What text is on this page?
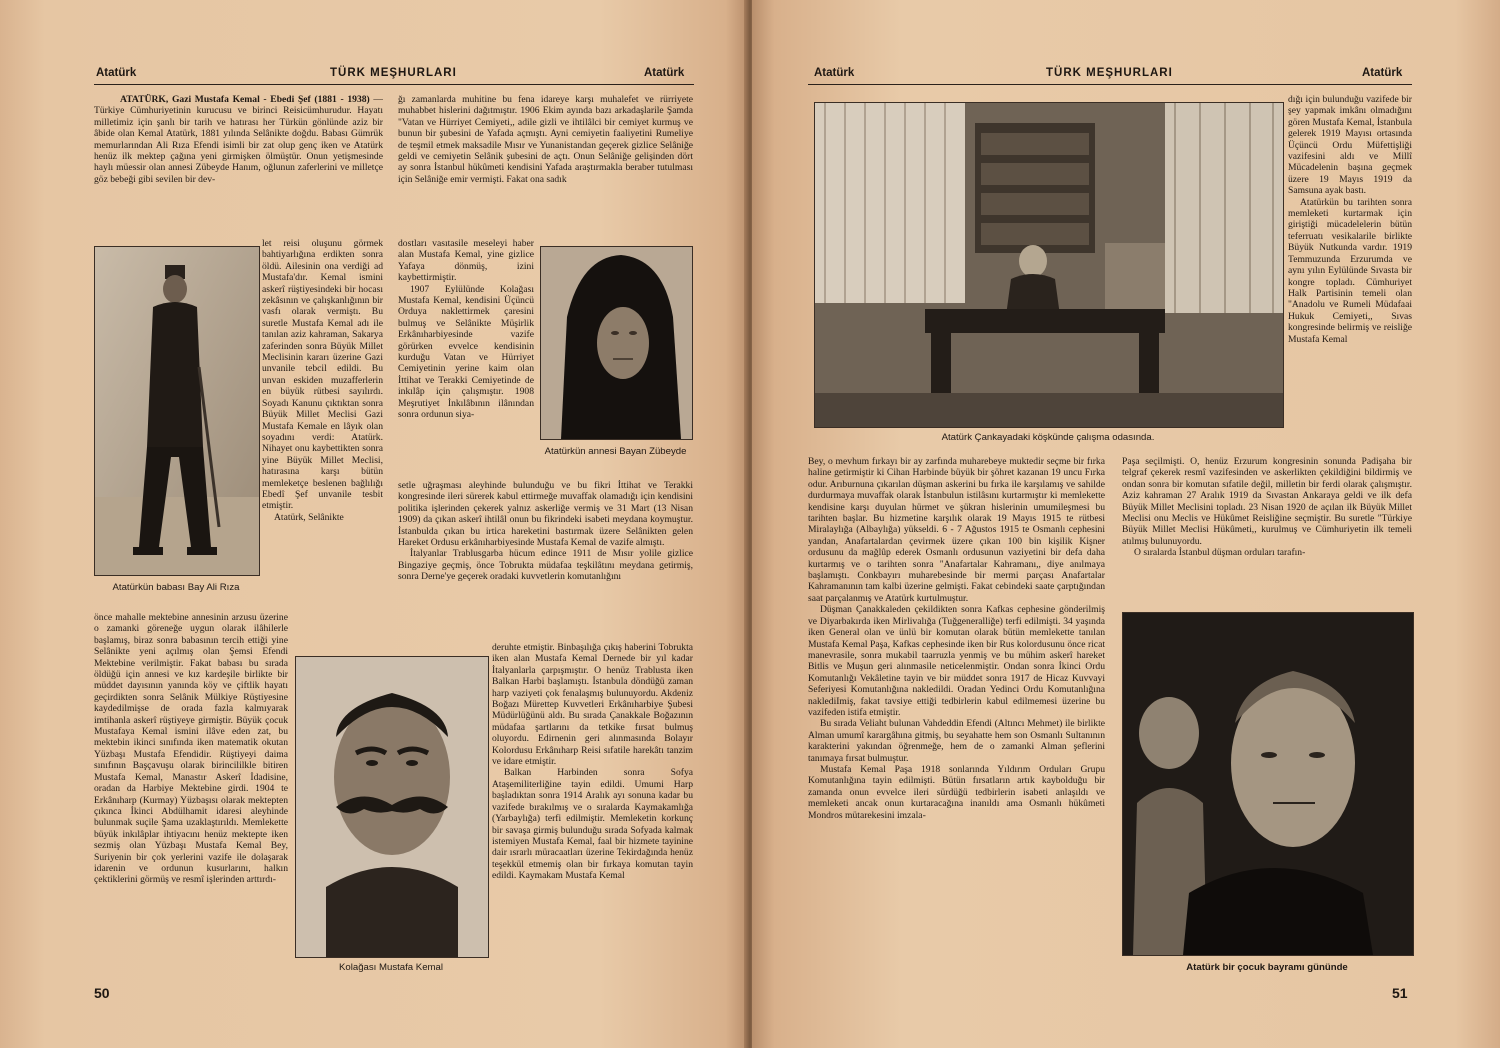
Atatürk	TÜRK MEŞHURLARI	Atatürk

ATATÜRK, Gazi Mustafa Kemal - Ebedi Şef (1881 - 1938) — Türkiye Cümhuriyetinin kurucusu ve birinci Reisicümhurudur. Hayatı milletimiz için şanlı bir tarih ve hatırası her Türkün gönlünde aziz bir âbide olan Kemal Atatürk, 1881 yılında Selânikte doğdu. Babası Gümrük memurlarından Ali Rıza Efendi isimli bir zat olup genç iken ve Atatürk henüz ilk mektep çağına yeni girmişken ölmüştür. Onun yetişmesinde haylı müessir olan annesi Zübeyde Hanım, oğlunun zaferlerini ve milletçe göz bebeği gibi sevilen bir dev-

Atatürkün babası Bay Ali Rıza

let reisi oluşunu görmek bahtiyarlığına erdikten sonra öldü. Ailesinin ona verdiği ad Mustafa'dır. Kemal ismini askerî rüştiyesindeki bir hocası zekâsının ve çalışkanlığının bir vasfı olarak vermiştı. Bu suretle Mustafa Kemal adı ile tanılan aziz kahraman, Sakarya zaferinden sonra Büyük Millet Meclisinin kararı üzerine Gazi unvanile tebcil edildi. Bu unvan eskiden muzafferlerin en büyük rütbesi sayılırdı. Soyadı Kanunu çıktıktan sonra Büyük Millet Meclisi Gazi Mustafa Kemale en lâyık olan soyadını verdi: Atatürk. Nihayet onu kaybettikten sonra yine Büyük Millet Meclisi, hatırasına karşı bütün memleketçe beslenen bağlılığı Ebedî Şef unvanile tesbit etmiştir.

Atatürk, Selânikte

önce mahalle mektebine annesinin arzusu üzerine o zamanki göreneğe uygun olarak ilâhilerle başlamış, biraz sonra babasının tercih ettiği yine Selânikte yeni açılmış olan Şemsi Efendi Mektebine verilmiştir. Fakat babası bu sırada öldüğü için annesi ve kız kardeşile birlikte bir müddet dayısının yanında köy ve çiftlik hayatı geçirdikten sonra Selânik Mülkiye Rüştiyesine kaydedilmişse de orada fazla kalmıyarak imtihanla askerî rüştiyeye girmiştir. Büyük çocuk Mustafaya Kemal ismini ilâve eden zat, bu mektebin ikinci sınıfında iken matematik okutan Yüzbaşı Mustafa Efendidir. Rüştiyeyi daima sınıfının Başçavuşu olarak birincililkle bitiren Mustafa Kemal, Manastır Askerî İdadisine, oradan da Harbiye Mektebine girdi. 1904 te Erkânıharp (Kurmay) Yüzbaşısı olarak mektepten çıkınca İkinci Abdülhamit idaresi aleyhinde bulunmak suçile Şama uzaklaştırıldı. Memlekette büyük inkılâplar ihtiyacını henüz mektepte iken sezmiş olan Yüzbaşı Mustafa Kemal Bey, Suriyenin bir çok yerlerini vazife ile dolaşarak idarenin ve ordunun kusurlarını, halkın çektiklerini görmüş ve resmî işlerinden arttırdı-

ğı zamanlarda muhitine bu fena idareye karşı muhalefet ve rürriyete muhabbet hislerini dağıtmıştır. 1906 Ekim ayında bazı arkadaşlarile Şamda "Vatan ve Hürriyet Cemiyeti,, adile gizli ve ihtilâlci bir cemiyet kurmuş ve bunun bir şubesini de Yafada açmıştı. Ayni cemiyetin faaliyetini Rumeliye de teşmil etmek maksadile Mısır ve Yunanistandan geçerek gizlice Selâniğe geldi ve cemiyetin Selânik şubesini de açtı. Onun Selâniğe gelişinden dört ay sonra İstanbul hükûmeti kendisini Yafada araştırmakla beraber tutulması için Selâniğe emir vermişti. Fakat ona sadık

Atatürkün annesi Bayan Zübeyde

dostları vasıtasile meseleyi haber alan Mustafa Kemal, yine gizlice Yafaya dönmüş, izini kaybettirmiştir.

1907 Eylülünde Kolağası Mustafa Kemal, kendisini Üçüncü Orduya naklettirmek çaresini bulmuş ve Selânikte Müşirlik Erkânıharbiyesinde vazife görürken evvelce kendisinin kurduğu Vatan ve Hürriyet Cemiyetinin yerine kaim olan İttihat ve Terakki Cemiyetinde de inkılâp için çalışmıştır. 1908 Meşrutiyet İnkılâbının ilânından sonra ordunun siya-

setle uğraşması aleyhinde bulunduğu ve bu fikri İttihat ve Terakki kongresinde ileri sürerek kabul ettirmeğe muvaffak olamadığı için kendisini politika işlerinden çekerek yalnız askerliğe vermiş ve 31 Mart (13 Nisan 1909) da çıkan askerî ihtilâl onun bu fikrindeki isabeti meydana koymuştur. İstanbulda çıkan bu irtica hareketini bastırmak üzere Selânikten gelen Hareket Ordusu erkânıharbiyesinde Mustafa Kemal de vazife almıştı.

İtalyanlar Trablusgarba hücum edince 1911 de Mısır yolile gizlice Bingaziye geçmiş, önce Tobrukta müdafaa teşkilâtını meydana getirmiş, sonra Derne'ye geçerek oradaki kuvvetlerin komutanlığını

Kolağası Mustafa Kemal

deruhte etmiştir. Binbaşılığa çıkış haberini Tobrukta iken alan Mustafa Kemal Dernede bir yıl kadar İtalyanlarla çarpışmıştır. O henüz Trablusta iken Balkan Harbi başlamıştı. İstanbula döndüğü zaman harp vaziyeti çok fenalaşmış bulunuyordu. Akdeniz Boğazı Mürettep Kuvvetleri Erkânıharbiye Şubesi Müdürlüğünü aldı. Bu sırada Çanakkale Boğazının müdafaa şartlarını da tetkike fırsat bulmuş oluyordu. Edirnenin geri alınmasında Bolayır Kolordusu Erkânıharp Reisi sıfatile harekâtı tanzim ve idare etmiştir.

Balkan Harbinden sonra Sofya Ataşemiliterliğine tayin edildi. Umumi Harp başladıktan sonra 1914 Aralık ayı sonuna kadar bu vazifede bırakılmış ve o sıralarda Kaymakamlığa (Yarbaylığa) terfi edilmiştir. Memleketin korkunç bir savaşa girmiş bulunduğu sırada Sofyada kalmak istemiyen Mustafa Kemal, faal bir hizmete tayinine dair ısrarlı müracaatları üzerine Tekirdağında henüz teşekkül etmemiş olan bir fırkaya komutan tayin edildi. Kaymakam Mustafa Kemal

50
Atatürk	TÜRK MEŞHURLARI	Atatürk
Atatürk Çankayadaki köşkünde çalışma odasında.

dığı için bulunduğu vazifede bir şey yapmak imkânı olmadığını gören Mustafa Kemal, İstanbula gelerek 1919 Mayısı ortasında Üçüncü Ordu Müfettişliği vazifesini aldı ve Millî Mücadelenin başına geçmek üzere 19 Mayıs 1919 da Samsuna ayak bastı.

Atatürkün bu tarihten sonra memleketi kurtarmak için giriştiği mücadelelerin bütün teferruatı vesikalarile birlikte Büyük Nutkunda vardır. 1919 Temmuzunda Erzurumda ve aynı yılın Eylülünde Sıvasta bir kongre topladı. Cümhuriyet Halk Partisinin temeli olan "Anadolu ve Rumeli Müdafaai Hukuk Cemiyeti,, Sıvas kongresinde belirmiş ve reisliğe Mustafa Kemal

Bey, o mevhum fırkayı bir ay zarfında muharebeye muktedir seçme bir fırka haline getirmiştir ki Cihan Harbinde büyük bir şöhret kazanan 19 uncu Fırka odur. Arıburnuna çıkarılan düşman askerini bu fırka ile karşılamış ve sahilde durdurmaya muvaffak olarak İstanbulun istilâsını kurtarmıştır ki memlekette kendisine karşı duyulan hürmet ve şükran hislerinin umumileşmesi bu tarihten başlar. Bu hizmetine karşılık olarak 19 Mayıs 1915 te rütbesi Miralaylığa (Albaylığa) yükseldi. 6 - 7 Ağustos 1915 te Osmanlı cephesini yandan, Anafartalardan çevirmek üzere çıkan 100 bin kişilik Kişner ordusunu da mağlûp ederek Osmanlı ordusunun vaziyetini bir defa daha kurtarmış ve o tarihten sonra "Anafartalar Kahramanı,, diye anılmaya başlamıştı. Conkbayırı muharebesinde bir mermi parçası Anafartalar Kahramanının tam kalbi üzerine gelmişti. Fakat cebindeki saate çarptığından saat parçalanmış ve Atatürk kurtulmuştur.

Düşman Çanakkaleden çekildikten sonra Kafkas cephesine gönderilmiş ve Diyarbakırda iken Mirlivalığa (Tuğgeneralliğe) terfi edilmişti. 34 yaşında iken General olan ve ünlü bir komutan olarak bütün memlekette tanılan Mustafa Kemal Paşa, Kafkas cephesinde iken bir Rus kolordusunu önce ricat manevrasile, sonra mukabil taarruzla yenmiş ve bu mühim askerî hareket Bitlis ve Muşun geri alınmasile neticelenmiştir. Ondan sonra İkinci Ordu Komutanlığı Vekâletine tayin ve bir müddet sonra 1917 de Hicaz Kuvvayi Seferiyesi Komutanlığına nakledildi. Oradan Yedinci Ordu Komutanlığına naklediImiş, fakat tavsiye ettiği tedbirlerin kabul edilmemesi üzerine bu vazifeden istifa etmiştir.

Bu sırada Veliaht bulunan Vahdeddin Efendi (Altıncı Mehmet) ile birlikte Alman umumî karargâhına gitmiş, bu seyahatte hem son Osmanlı Sultanının karakterini yakından öğrenmeğe, hem de o zamanki Alman şeflerini tanımaya fırsat bulmuştur.

Mustafa Kemal Paşa 1918 sonlarında Yıldırım Orduları Grupu Komutanlığına tayin edilmişti. Bütün fırsatların artık kaybolduğu bir zamanda onun evvelce ileri sürdüğü tedbirlerin isabeti anlaşıldı ve memleketi ancak onun kurtaracağına inanıldı ama Osmanlı hükûmeti Mondros mütarekesini imzala-

Paşa seçilmişti. O, henüz Erzurum kongresinin sonunda Padişaha bir telgraf çekerek resmî vazifesinden ve askerlikten çekildiğini bildirmiş ve ondan sonra bir komutan sıfatile değil, milletin bir ferdi olarak çalışmıştır. Aziz kahraman 27 Aralık 1919 da Sıvastan Ankaraya geldi ve ilk defa Büyük Millet Meclisini topladı. 23 Nisan 1920 de açılan ilk Büyük Millet Meclisi onu Meclis ve Hükûmet Reisliğine seçmiştir. Bu suretle "Türkiye Büyük Millet Meclisi Hükûmeti,, kurulmuş ve Cümhuriyetin ilk temeli atılmış bulunuyordu.

O sıralarda İstanbul düşman orduları tarafın-

Atatürk bir çocuk bayramı gününde
51
